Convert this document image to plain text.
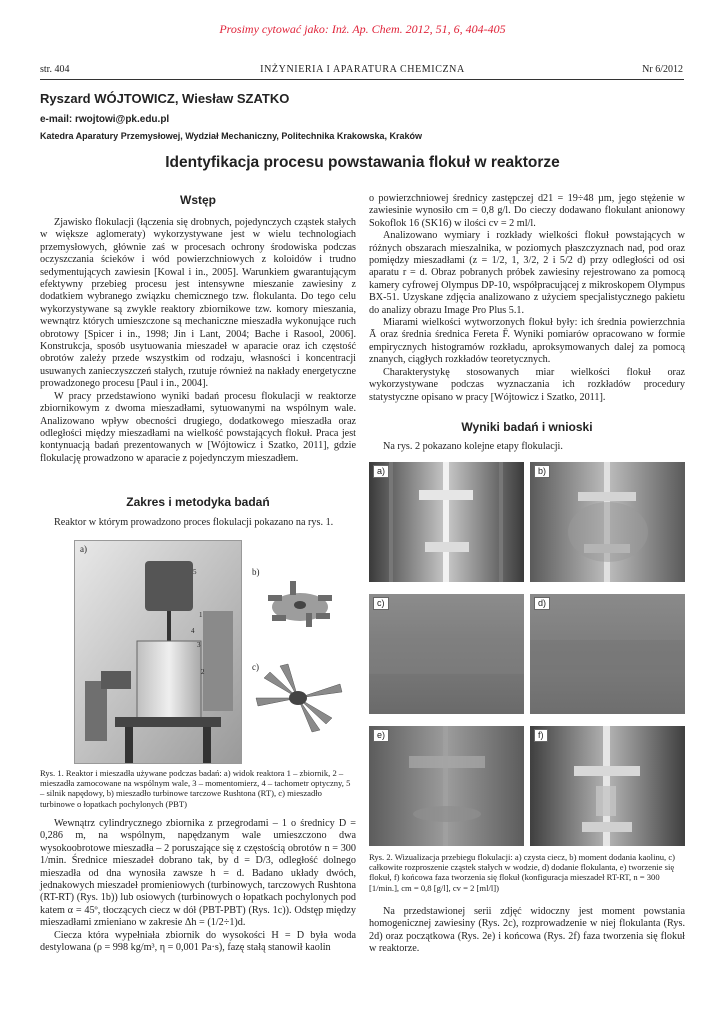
Prosimy cytować jako: Inż. Ap. Chem. 2012, 51, 6, 404-405
str. 404	INŻYNIERIA I APARATURA CHEMICZNA	Nr 6/2012
Ryszard WÓJTOWICZ, Wiesław SZATKO
e-mail: rwojtowi@pk.edu.pl
Katedra Aparatury Przemysłowej, Wydział Mechaniczny, Politechnika Krakowska, Kraków
Identyfikacja procesu powstawania flokuł w reaktorze
Wstęp

Zjawisko flokulacji (łączenia się drobnych, pojedynczych cząstek stałych w większe aglomeraty) wykorzystywane jest w wielu technologiach przemysłowych, głównie zaś w procesach ochrony środowiska podczas oczyszczania ścieków i wód powierzchniowych z koloidów i trudno sedymentujących zawiesin [Kowal i in., 2005]. Warunkiem gwarantującym efektywny przebieg procesu jest intensywne mieszanie zawiesiny z dodatkiem wybranego związku chemicznego tzw. flokulanta. Do tego celu wykorzystywane są zwykle reaktory zbiornikowe tzw. komory mieszania, wewnątrz których umieszczone są mechaniczne mieszadła wykonujące ruch obrotowy [Spicer i in., 1998; Jin i Lant, 2004; Bache i Rasool, 2006]. Konstrukcja, sposób usytuowania mieszadeł w aparacie oraz ich częstość obrotów zależy przede wszystkim od rodzaju, własności i koncentracji usuwanych zanieczyszczeń stałych, rzutuje również na nakłady energetyczne prowadzonego procesu [Paul i in., 2004].

W pracy przedstawiono wyniki badań procesu flokulacji w reaktorze zbiornikowym z dwoma mieszadłami, sytuowanymi na wspólnym wale. Analizowano wpływ obecności drugiego, dodatkowego mieszadła oraz odległości między mieszadłami na wielkość powstających flokuł. Praca jest kontynuacją badań prezentowanych w [Wójtowicz i Szatko, 2011], gdzie flokulację prowadzono w aparacie z pojedynczym mieszadłem.

Zakres i metodyka badań

Reaktor w którym prowadzono proces flokulacji pokazano na rys. 1.

a)
5
1
4
3
2
b)
c)
Rys. 1. Reaktor i mieszadła używane podczas badań: a) widok reaktora 1 – zbiornik, 2 – mieszadła zamocowane na wspólnym wale, 3 – momentomierz, 4 – tachometr optyczny, 5 – silnik napędowy, b) mieszadło turbinowe tarczowe Rushtona (RT), c) mieszadło turbinowe o łopatkach pochylonych (PBT)

Wewnątrz cylindrycznego zbiornika z przegrodami – 1 o średnicy D = 0,286 m, na wspólnym, napędzanym wale umieszczono dwa wysokoobrotowe mieszadła – 2 poruszające się z częstością obrotów n = 300 1/min. Średnice mieszadeł dobrano tak, by d = D/3, odległość dolnego mieszadła od dna wynosiła zawsze h = d. Badano układy dwóch, jednakowych mieszadeł promieniowych (turbinowych, tarczowych Rushtona (RT-RT) (Rys. 1b)) lub osiowych (turbinowych o łopatkach pochylonych pod katem α = 45º, tłoczących ciecz w dół (PBT-PBT) (Rys. 1c)). Odstęp między mieszadłami zmieniano w zakresie Δh = (1/2÷1)d.

Ciecza która wypełniała zbiornik do wysokości H = D była woda destylowana (ρ = 998 kg/m³, η = 0,001 Pa·s), fazę stałą stanowił kaolin

o powierzchniowej średnicy zastępczej d21 = 19÷48 µm, jego stężenie w zawiesinie wynosiło cm = 0,8 g/l. Do cieczy dodawano flokulant anionowy Sokoflok 16 (SK16) w ilości cv = 2 ml/l.

Analizowano wymiary i rozkłady wielkości flokuł powstających w różnych obszarach mieszalnika, w poziomych płaszczyznach nad, pod oraz pomiędzy mieszadłami (z = 1/2, 1, 3/2, 2 i 5/2 d) przy odległości od osi aparatu r = d. Obraz pobranych próbek zawiesiny rejestrowano za pomocą kamery cyfrowej Olympus DP-10, współpracującej z mikroskopem Olympus BX-51. Uzyskane zdjęcia analizowano z użyciem specjalistycznego pakietu do analizy obrazu Image Pro Plus 5.1.

Miarami wielkości wytworzonych flokuł były: ich średnia powierzchnia Ā oraz średnia średnica Fereta F̄. Wyniki pomiarów opracowano w formie empirycznych histogramów rozkładu, aproksymowanych dalej za pomocą znanych, ciągłych rozkładów teoretycznych.

Charakterystykę stosowanych miar wielkości flokuł oraz wykorzystywane podczas wyznaczania ich rozkładów procedury statystyczne opisano w pracy [Wójtowicz i Szatko, 2011].

Wyniki badań i wnioski

Na rys. 2 pokazano kolejne etapy flokulacji.

a)	b)
c)	d)
e)	f)
Rys. 2. Wizualizacja przebiegu flokulacji: a) czysta ciecz, b) moment dodania kaolinu, c) całkowite rozproszenie cząstek stałych w wodzie, d) dodanie flokulanta, e) tworzenie się flokuł, f) końcowa faza tworzenia się flokuł (konfiguracja mieszadeł RT-RT, n = 300 [1/min.], cm = 0,8 [g/l], cv = 2 [ml/l])

Na przedstawionej serii zdjęć widoczny jest moment powstania homogenicznej zawiesiny (Rys. 2c), rozprowadzenie w niej flokulanta (Rys. 2d) oraz początkowa (Rys. 2e) i końcowa (Rys. 2f) faza tworzenia się flokuł w reaktorze.
